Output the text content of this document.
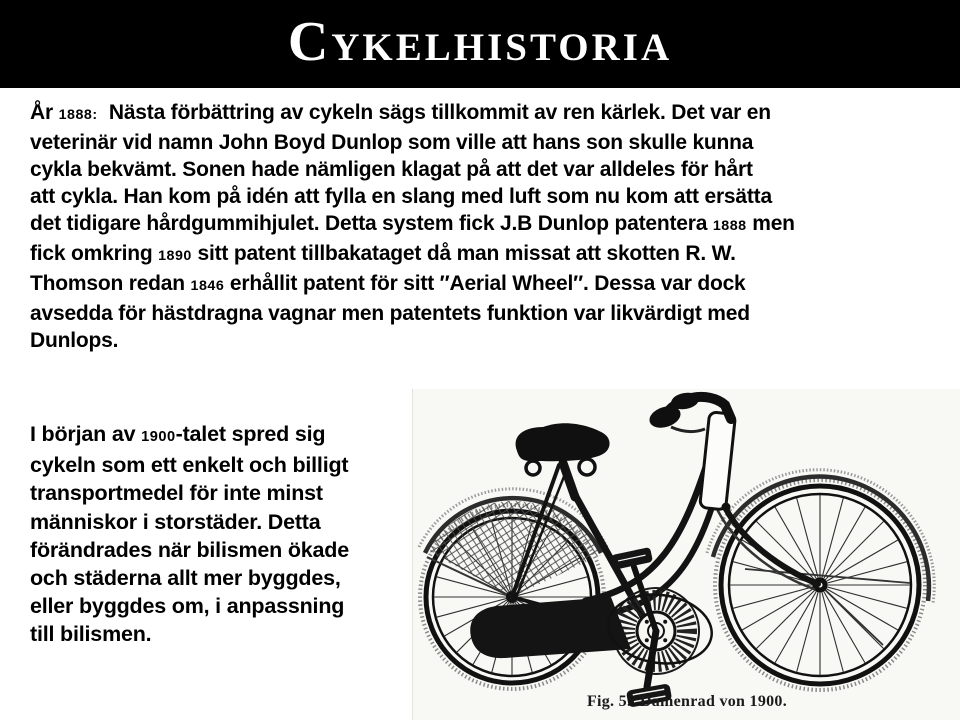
Cykelhistoria
År 1888:  Nästa förbättring av cykeln sägs tillkommit av ren kärlek. Det var en
veterinär vid namn John Boyd Dunlop som ville att hans son skulle kunna
cykla bekvämt. Sonen hade nämligen klagat på att det var alldeles för hårt
att cykla. Han kom på idén att fylla en slang med luft som nu kom att ersätta
det tidigare hårdgummihjulet. Detta system fick J.B Dunlop patentera 1888 men
fick omkring 1890 sitt patent tillbakataget då man missat att skotten R. W.
Thomson redan 1846 erhållit patent för sitt ″Aerial Wheel″. Dessa var dock
avsedda för hästdragna vagnar men patentets funktion var likvärdigt med
Dunlops.
I början av 1900-talet spred sig
cykeln som ett enkelt och billigt
transportmedel för inte minst
människor i storstäder. Detta
förändrades när bilismen ökade
och städerna allt mer byggdes,
eller byggdes om, i anpassning
till bilismen.
Fig. 5.  Damenrad von 1900.
